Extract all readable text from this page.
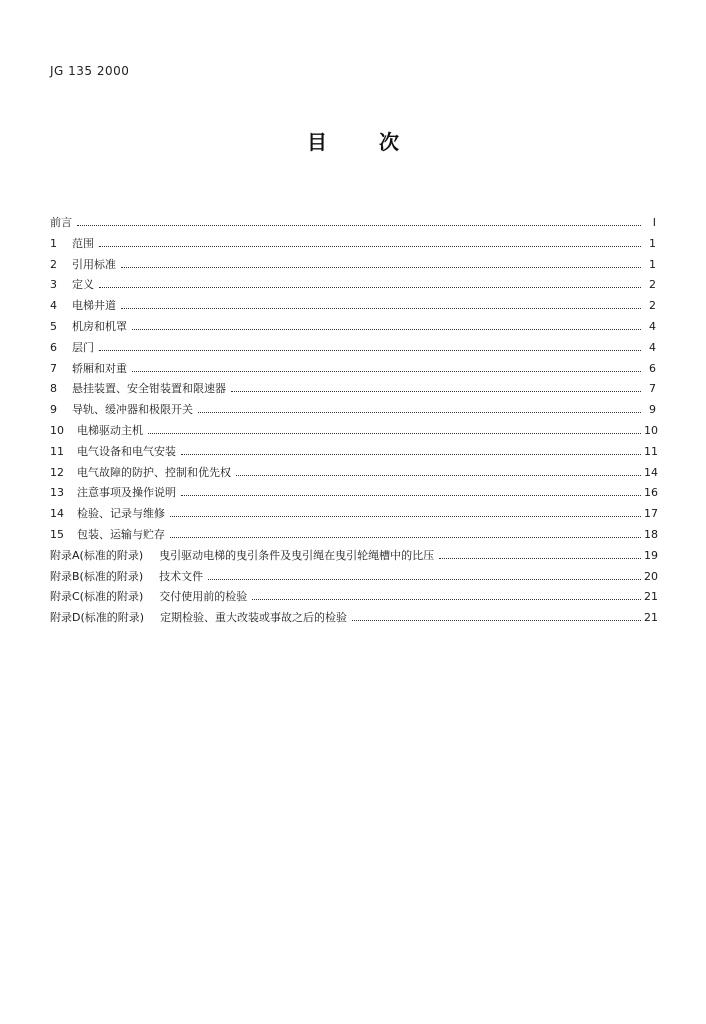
JG 135 2000
目次
前言	I
1	范围	1
2	引用标准	1
3	定义	2
4	电梯井道	2
5	机房和机罩	4
6	层门	4
7	轿厢和对重	6
8	悬挂装置、安全钳装置和限速器	7
9	导轨、缓冲器和极限开关	9
10	电梯驱动主机	10
11	电气设备和电气安装	11
12	电气故障的防护、控制和优先权	14
13	注意事项及操作说明	16
14	检验、记录与维修	17
15	包装、运输与贮存	18
附录A(标准的附录)	曳引驱动电梯的曳引条件及曳引绳在曳引轮绳槽中的比压	19
附录B(标准的附录)	技术文件	20
附录C(标准的附录)	交付使用前的检验	21
附录D(标准的附录)	定期检验、重大改装或事故之后的检验	21
